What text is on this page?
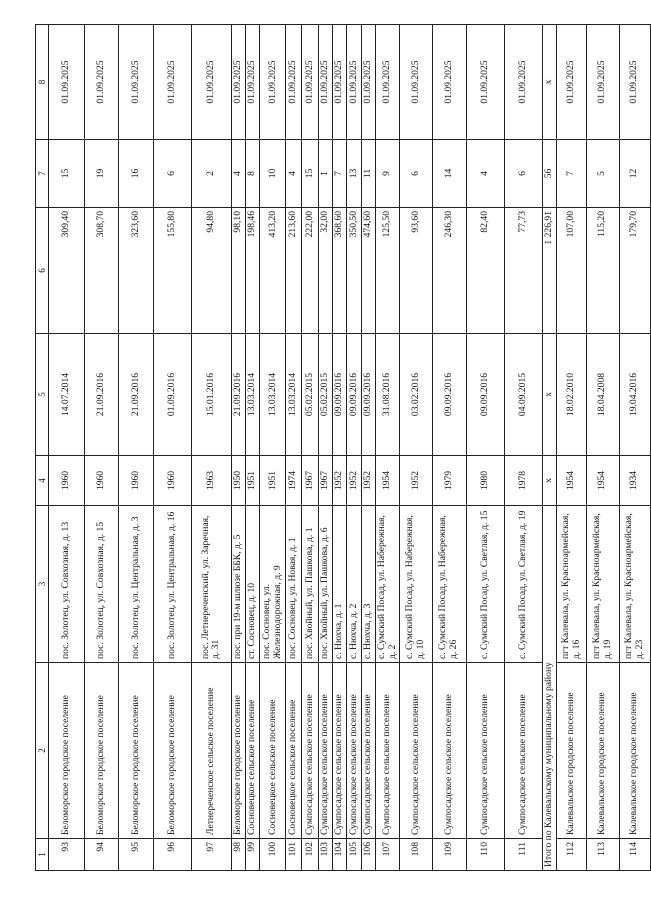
1	2	3	4	5	6	7	8
93	Беломорское городское поселение	пос. Золотец, ул. Совхозная, д. 13	1960	14.07.2014	309,40	15	01.09.2025
94	Беломорское городское поселение	пос. Золотец, ул. Совхозная, д. 15	1960	21.09.2016	308,70	19	01.09.2025
95	Беломорское городское поселение	пос. Золотец, ул. Центральная, д. 3	1960	21.09.2016	323,60	16	01.09.2025
96	Беломорское городское поселение	пос. Золотец, ул. Центральная, д. 16	1960	01.09.2016	155,80	6	01.09.2025
97	Летнереченское сельское поселение	пос. Летнереченский, ул. Заречная, д. 31	1963	15.01.2016	94,80	2	01.09.2025
98	Беломорское городское поселение	пос. при 19-м шлюзе ББК, д. 5	1950	21.09.2016	98,10	4	01.09.2025
99	Сосновецкое сельское поселение	ст. Сосновец, д. 10	1951	13.03.2014	198,46	8	01.09.2025
100	Сосновецкое сельское поселение	пос. Сосновец, ул. Железнодорожная, д. 9	1951	13.03.2014	413,20	10	01.09.2025
101	Сосновецкое сельское поселение	пос. Сосновец, ул. Новая, д. 1	1974	13.03.2014	213,60	4	01.09.2025
102	Сумпосадское сельское поселение	пос. Хвойный, ул. Пашкова, д. 1	1967	05.02.2015	222,00	15	01.09.2025
103	Сумпосадское сельское поселение	пос. Хвойный, ул. Пашкова, д. 6	1967	05.02.2015	32,00	1	01.09.2025
104	Сумпосадское сельское поселение	с. Нюхча, д. 1	1952	09.09.2016	368,60	7	01.09.2025
105	Сумпосадское сельское поселение	с. Нюхча, д. 2	1952	09.09.2016	350,50	13	01.09.2025
106	Сумпосадское сельское поселение	с. Нюхча, д. 3	1952	09.09.2016	474,60	11	01.09.2025
107	Сумпосадское сельское поселение	с. Сумский Посад, ул. Набережная, д. 2	1954	31.08.2016	125,50	9	01.09.2025
108	Сумпосадское сельское поселение	с. Сумский Посад, ул. Набережная, д. 10	1952	03.02.2016	93,60	6	01.09.2025
109	Сумпосадское сельское поселение	с. Сумский Посад, ул. Набережная, д. 26	1979	09.09.2016	246,30	14	01.09.2025
110	Сумпосадское сельское поселение	с. Сумский Посад, ул. Светлая, д. 15	1980	09.09.2016	82,40	4	01.09.2025
111	Сумпосадское сельское поселение	с. Сумский Посад, ул. Светлая, д. 19	1978	04.09.2015	77,73	6	01.09.2025
Итого по Калевальскому муниципальному району			x	x	1 226,91	56	x
112	Калевальское городское поселение	пгт Калевала, ул. Красноармейская, д. 16	1954	18.02.2010	107,00	7	01.09.2025
113	Калевальское городское поселение	пгт Калевала, ул. Красноармейская, д. 19	1954	18.04.2008	115,20	5	01.09.2025
114	Калевальское городское поселение	пгт Калевала, ул. Красноармейская, д. 23	1934	19.04.2016	179,70	12	01.09.2025
